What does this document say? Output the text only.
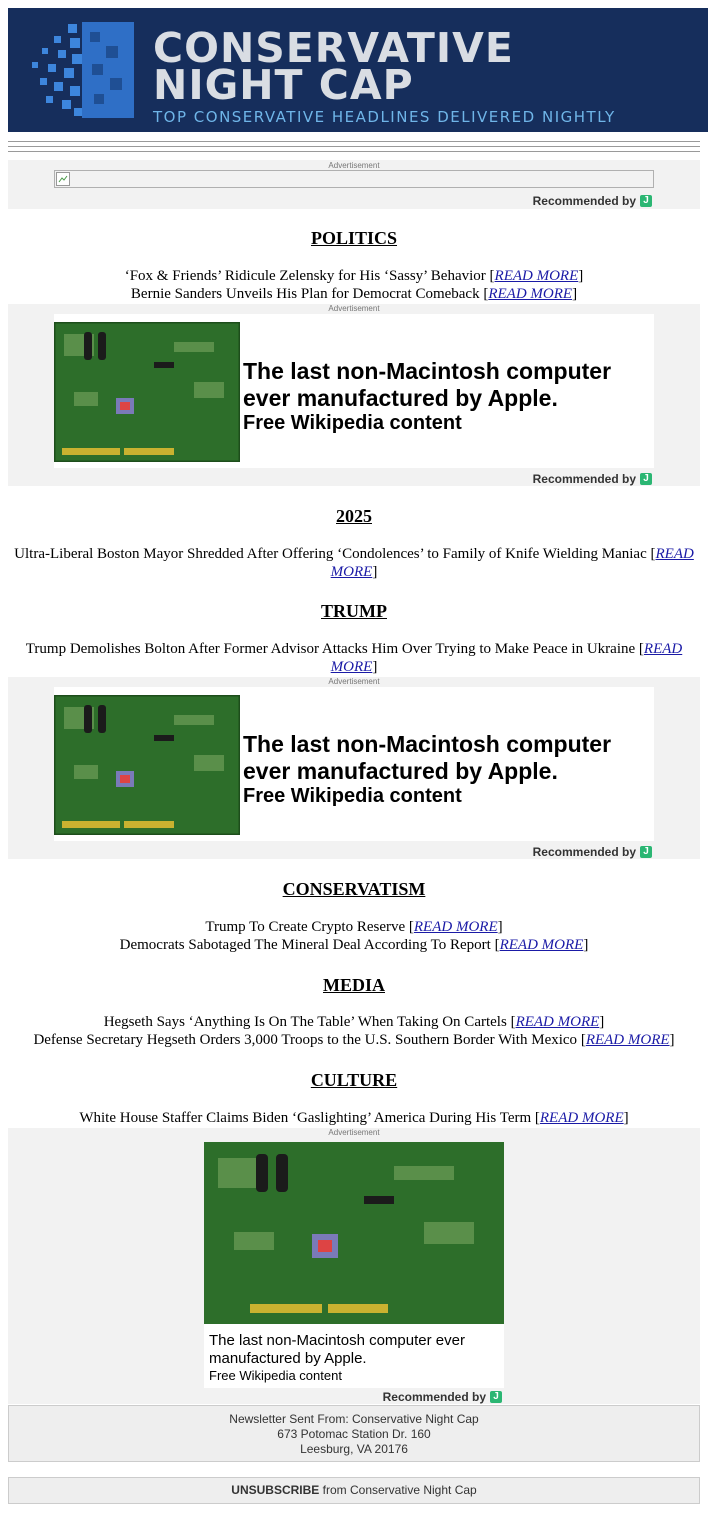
CONSERVATIVE
NIGHT CAP
TOP CONSERVATIVE HEADLINES DELIVERED NIGHTLY
Advertisement
Recommended by J
POLITICS
‘Fox & Friends’ Ridicule Zelensky for His ‘Sassy’ Behavior [READ MORE]
Bernie Sanders Unveils His Plan for Democrat Comeback [READ MORE]
Advertisement
The last non-Macintosh computer ever manufactured by Apple.
Free Wikipedia content
Recommended by J
2025
Ultra-Liberal Boston Mayor Shredded After Offering ‘Condolences’ to Family of Knife Wielding Maniac [READ MORE]
TRUMP
Trump Demolishes Bolton After Former Advisor Attacks Him Over Trying to Make Peace in Ukraine [READ MORE]
Advertisement
The last non-Macintosh computer ever manufactured by Apple.
Free Wikipedia content
Recommended by J
CONSERVATISM
Trump To Create Crypto Reserve [READ MORE]
Democrats Sabotaged The Mineral Deal According To Report [READ MORE]
MEDIA
Hegseth Says ‘Anything Is On The Table’ When Taking On Cartels [READ MORE]
Defense Secretary Hegseth Orders 3,000 Troops to the U.S. Southern Border With Mexico [READ MORE]
CULTURE
White House Staffer Claims Biden ‘Gaslighting’ America During His Term [READ MORE]
Advertisement
The last non-Macintosh computer ever manufactured by Apple.
Free Wikipedia content
Recommended by J
Newsletter Sent From: Conservative Night Cap
673 Potomac Station Dr. 160
Leesburg, VA 20176
UNSUBSCRIBE from Conservative Night Cap
